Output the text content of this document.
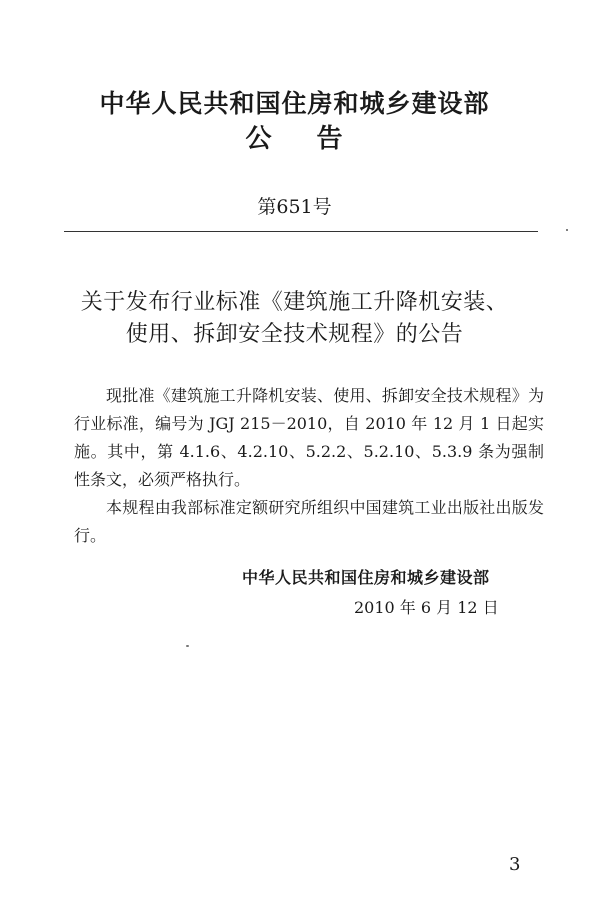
中华人民共和国住房和城乡建设部
公 告
第651号
关于发布行业标准《建筑施工升降机安装、
使用、拆卸安全技术规程》的公告

现批准《建筑施工升降机安装、使用、拆卸安全技术规程》为行业标准，编号为 JGJ 215－2010，自 2010 年 12 月 1 日起实施。其中，第 4.1.6、4.2.10、5.2.2、5.2.10、5.3.9 条为强制性条文，必须严格执行。

本规程由我部标准定额研究所组织中国建筑工业出版社出版发行。

中华人民共和国住房和城乡建设部
2010 年 6 月 12 日
3
